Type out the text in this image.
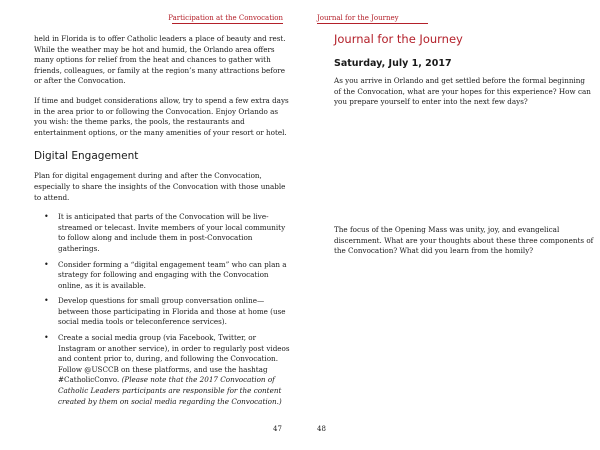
Participation at the Convocation

held in Florida is to offer Catholic leaders a place of beauty and rest. While the weather may be hot and humid, the Orlando area offers many options for relief from the heat and chances to gather with friends, colleagues, or family at the region’s many attractions before or after the Convocation.

If time and budget considerations allow, try to spend a few extra days in the area prior to or following the Convocation. Enjoy Orlando as you wish: the theme parks, the pools, the restaurants and entertainment options, or the many amenities of your resort or hotel.

Digital Engagement

Plan for digital engagement during and after the Convocation, especially to share the insights of the Convocation with those unable to attend.

• It is anticipated that parts of the Convocation will be live-streamed or telecast. Invite members of your local community to follow along and include them in post-Convocation gatherings.
• Consider forming a “digital engagement team” who can plan a strategy for following and engaging with the Convocation online, as it is available.
• Develop questions for small group conversation online—between those participating in Florida and those at home (use social media tools or teleconference services).
• Create a social media group (via Facebook, Twitter, or Instagram or another service), in order to regularly post videos and content prior to, during, and following the Convocation. Follow @USCCB on these platforms, and use the hashtag #CatholicConvo. (Please note that the 2017 Convocation of Catholic Leaders participants are responsible for the content created by them on social media regarding the Convocation.)
47
Journal for the Journey
Journal for the Journey
Saturday, July 1, 2017

As you arrive in Orlando and get settled before the formal beginning of the Convocation, what are your hopes for this experience? How can you prepare yourself to enter into the next few days?

The focus of the Opening Mass was unity, joy, and evangelical discernment. What are your thoughts about these three components of the Convocation? What did you learn from the homily?

48
